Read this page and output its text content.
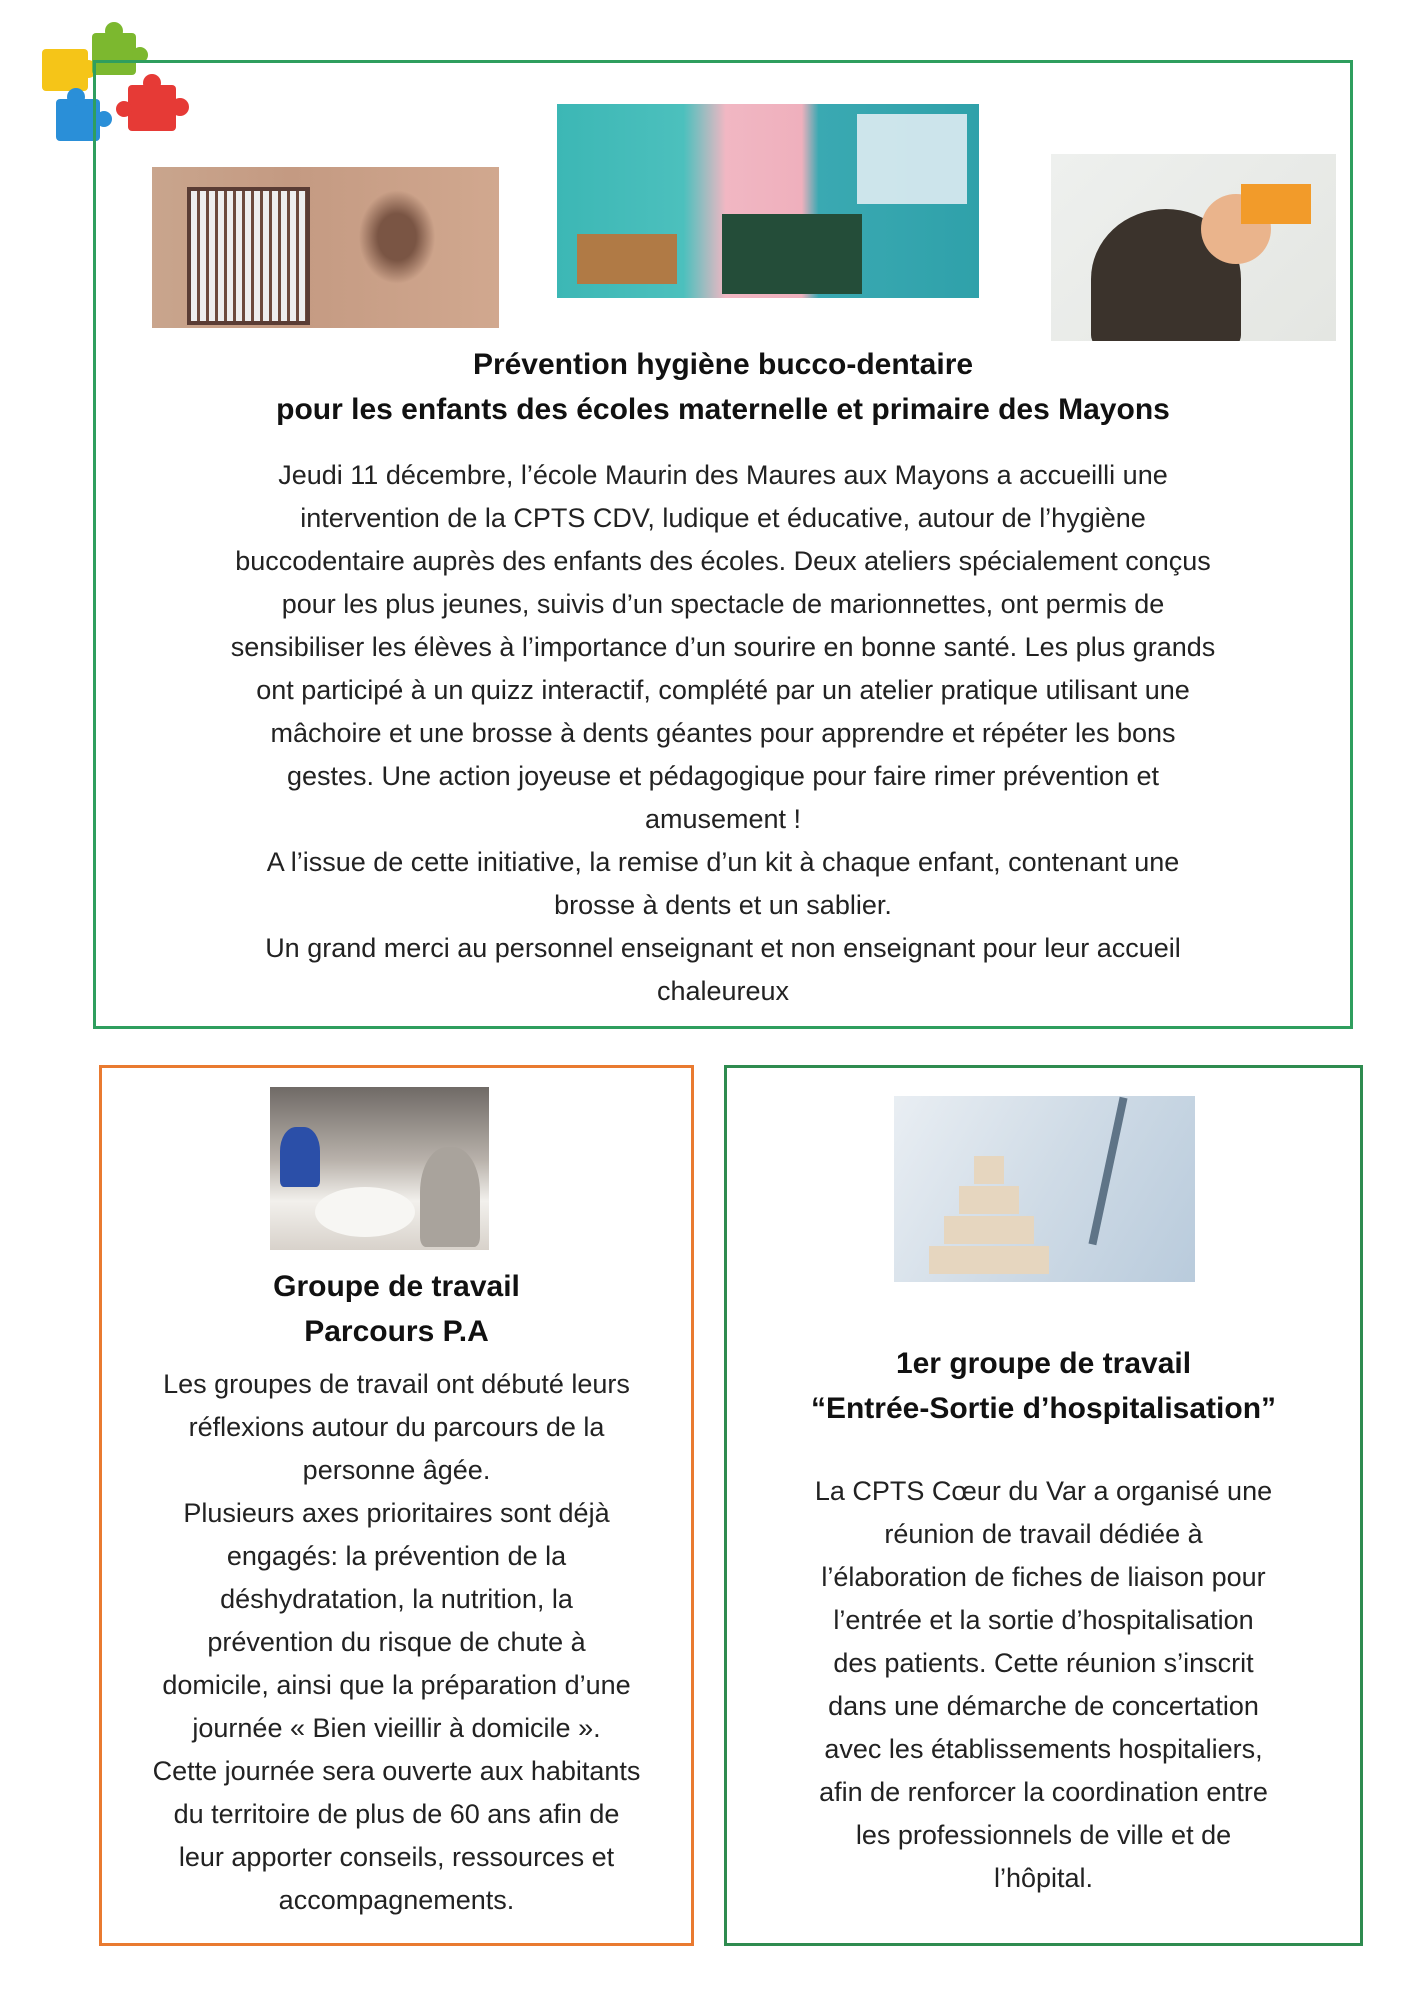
Prévention hygiène bucco-dentaire
pour les enfants des écoles maternelle et primaire des Mayons
Jeudi 11 décembre, l’école Maurin des Maures aux Mayons a accueilli une
intervention de la CPTS CDV, ludique et éducative, autour de l’hygiène
buccodentaire auprès des enfants des écoles. Deux ateliers spécialement conçus
pour les plus jeunes, suivis d’un spectacle de marionnettes, ont permis de
sensibiliser les élèves à l’importance d’un sourire en bonne santé. Les plus grands
ont participé à un quizz interactif, complété par un atelier pratique utilisant une
mâchoire et une brosse à dents géantes pour apprendre et répéter les bons
gestes. Une action joyeuse et pédagogique pour faire rimer prévention et
amusement !
A l’issue de cette initiative, la remise d’un kit à chaque enfant, contenant une
brosse à dents et un sablier.
Un grand merci au personnel enseignant et non enseignant pour leur accueil
chaleureux
Groupe de travail
Parcours P.A
Les groupes de travail ont débuté leurs
réflexions autour du parcours de la
personne âgée.
Plusieurs axes prioritaires sont déjà
engagés: la prévention de la
déshydratation, la nutrition, la
prévention du risque de chute à
domicile, ainsi que la préparation d’une
journée « Bien vieillir à domicile ».
Cette journée sera ouverte aux habitants
du territoire de plus de 60 ans afin de
leur apporter conseils, ressources et
accompagnements.
1er groupe de travail
“Entrée-Sortie d’hospitalisation”
La CPTS Cœur du Var a organisé une
réunion de travail dédiée à
l’élaboration de fiches de liaison pour
l’entrée et la sortie d’hospitalisation
des patients. Cette réunion s’inscrit
dans une démarche de concertation
avec les établissements hospitaliers,
afin de renforcer la coordination entre
les professionnels de ville et de
l’hôpital.
